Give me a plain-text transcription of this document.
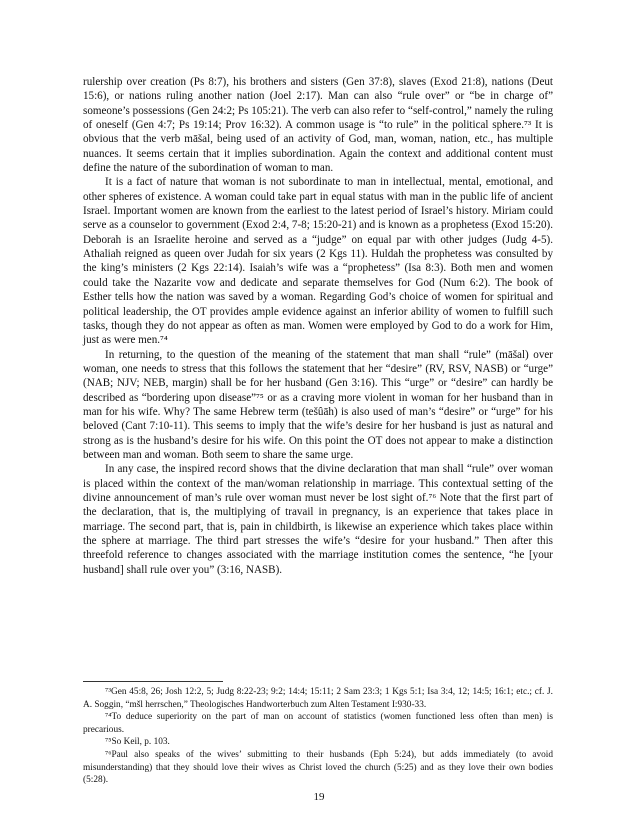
rulership over creation (Ps 8:7), his brothers and sisters (Gen 37:8), slaves (Exod 21:8), nations (Deut 15:6), or nations ruling another nation (Joel 2:17). Man can also “rule over” or “be in charge of” someone’s possessions (Gen 24:2; Ps 105:21). The verb can also refer to “self-control,” namely the ruling of oneself (Gen 4:7; Ps 19:14; Prov 16:32). A common usage is “to rule” in the political sphere.⁷³ It is obvious that the verb māšal, being used of an activity of God, man, woman, nation, etc., has multiple nuances. It seems certain that it implies subordination. Again the context and additional content must define the nature of the subordination of woman to man.

It is a fact of nature that woman is not subordinate to man in intellectual, mental, emotional, and other spheres of existence. A woman could take part in equal status with man in the public life of ancient Israel. Important women are known from the earliest to the latest period of Israel’s history. Miriam could serve as a counselor to government (Exod 2:4, 7-8; 15:20-21) and is known as a prophetess (Exod 15:20). Deborah is an Israelite heroine and served as a “judge” on equal par with other judges (Judg 4-5). Athaliah reigned as queen over Judah for six years (2 Kgs 11). Huldah the prophetess was consulted by the king’s ministers (2 Kgs 22:14). Isaiah’s wife was a “prophetess” (Isa 8:3). Both men and women could take the Nazarite vow and dedicate and separate themselves for God (Num 6:2). The book of Esther tells how the nation was saved by a woman. Regarding God’s choice of women for spiritual and political leadership, the OT provides ample evidence against an inferior ability of women to fulfill such tasks, though they do not appear as often as man. Women were employed by God to do a work for Him, just as were men.⁷⁴

In returning, to the question of the meaning of the statement that man shall “rule” (māšal) over woman, one needs to stress that this follows the statement that her “desire” (RV, RSV, NASB) or “urge” (NAB; NJV; NEB, margin) shall be for her husband (Gen 3:16). This “urge” or “desire” can hardly be described as “bordering upon disease”⁷⁵ or as a craving more violent in woman for her husband than in man for his wife. Why? The same Hebrew term (tešûāh) is also used of man’s “desire” or “urge” for his beloved (Cant 7:10-11). This seems to imply that the wife’s desire for her husband is just as natural and strong as is the husband’s desire for his wife. On this point the OT does not appear to make a distinction between man and woman. Both seem to share the same urge.

In any case, the inspired record shows that the divine declaration that man shall “rule” over woman is placed within the context of the man/woman relationship in marriage. This contextual setting of the divine announcement of man’s rule over woman must never be lost sight of.⁷⁶ Note that the first part of the declaration, that is, the multiplying of travail in pregnancy, is an experience that takes place in marriage. The second part, that is, pain in childbirth, is likewise an experience which takes place within the sphere at marriage. The third part stresses the wife’s “desire for your husband.” Then after this threefold reference to changes associated with the marriage institution comes the sentence, “he [your husband] shall rule over you” (3:16, NASB).

⁷³Gen 45:8, 26; Josh 12:2, 5; Judg 8:22-23; 9:2; 14:4; 15:11; 2 Sam 23:3; 1 Kgs 5:1; Isa 3:4, 12; 14:5; 16:1; etc.; cf. J. A. Soggin, “mšl herrschen,” Theologisches Handworterbuch zum Alten Testament I:930-33.

⁷⁴To deduce superiority on the part of man on account of statistics (women functioned less often than men) is precarious.

⁷⁵So Keil, p. 103.

⁷⁶Paul also speaks of the wives’ submitting to their husbands (Eph 5:24), but adds immediately (to avoid misunderstanding) that they should love their wives as Christ loved the church (5:25) and as they love their own bodies (5:28).

19
